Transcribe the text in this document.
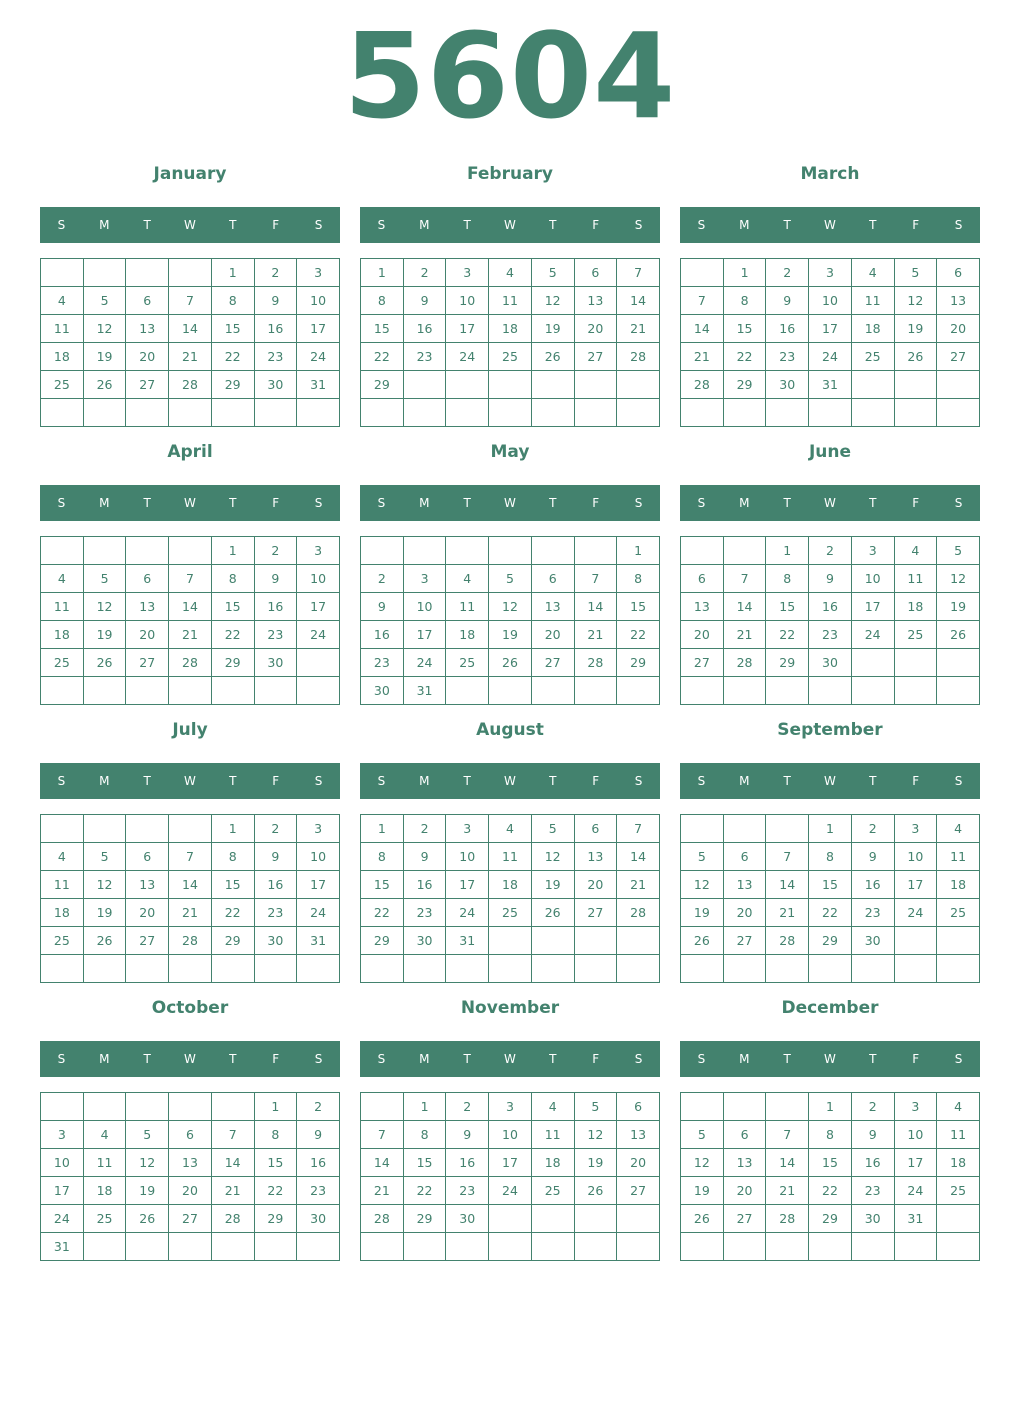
5604
January
S	M	T	W	T	F	S
				1	2	3
4	5	6	7	8	9	10
11	12	13	14	15	16	17
18	19	20	21	22	23	24
25	26	27	28	29	30	31

February
S	M	T	W	T	F	S
1	2	3	4	5	6	7
8	9	10	11	12	13	14
15	16	17	18	19	20	21
22	23	24	25	26	27	28
29						

March
S	M	T	W	T	F	S
	1	2	3	4	5	6
7	8	9	10	11	12	13
14	15	16	17	18	19	20
21	22	23	24	25	26	27
28	29	30	31			

April
S	M	T	W	T	F	S
				1	2	3
4	5	6	7	8	9	10
11	12	13	14	15	16	17
18	19	20	21	22	23	24
25	26	27	28	29	30	

May
S	M	T	W	T	F	S
						1
2	3	4	5	6	7	8
9	10	11	12	13	14	15
16	17	18	19	20	21	22
23	24	25	26	27	28	29
30	31					
June
S	M	T	W	T	F	S
		1	2	3	4	5
6	7	8	9	10	11	12
13	14	15	16	17	18	19
20	21	22	23	24	25	26
27	28	29	30			

July
S	M	T	W	T	F	S
				1	2	3
4	5	6	7	8	9	10
11	12	13	14	15	16	17
18	19	20	21	22	23	24
25	26	27	28	29	30	31

August
S	M	T	W	T	F	S
1	2	3	4	5	6	7
8	9	10	11	12	13	14
15	16	17	18	19	20	21
22	23	24	25	26	27	28
29	30	31				

September
S	M	T	W	T	F	S
			1	2	3	4
5	6	7	8	9	10	11
12	13	14	15	16	17	18
19	20	21	22	23	24	25
26	27	28	29	30		

October
S	M	T	W	T	F	S
					1	2
3	4	5	6	7	8	9
10	11	12	13	14	15	16
17	18	19	20	21	22	23
24	25	26	27	28	29	30
31						
November
S	M	T	W	T	F	S
	1	2	3	4	5	6
7	8	9	10	11	12	13
14	15	16	17	18	19	20
21	22	23	24	25	26	27
28	29	30				

December
S	M	T	W	T	F	S
			1	2	3	4
5	6	7	8	9	10	11
12	13	14	15	16	17	18
19	20	21	22	23	24	25
26	27	28	29	30	31	
